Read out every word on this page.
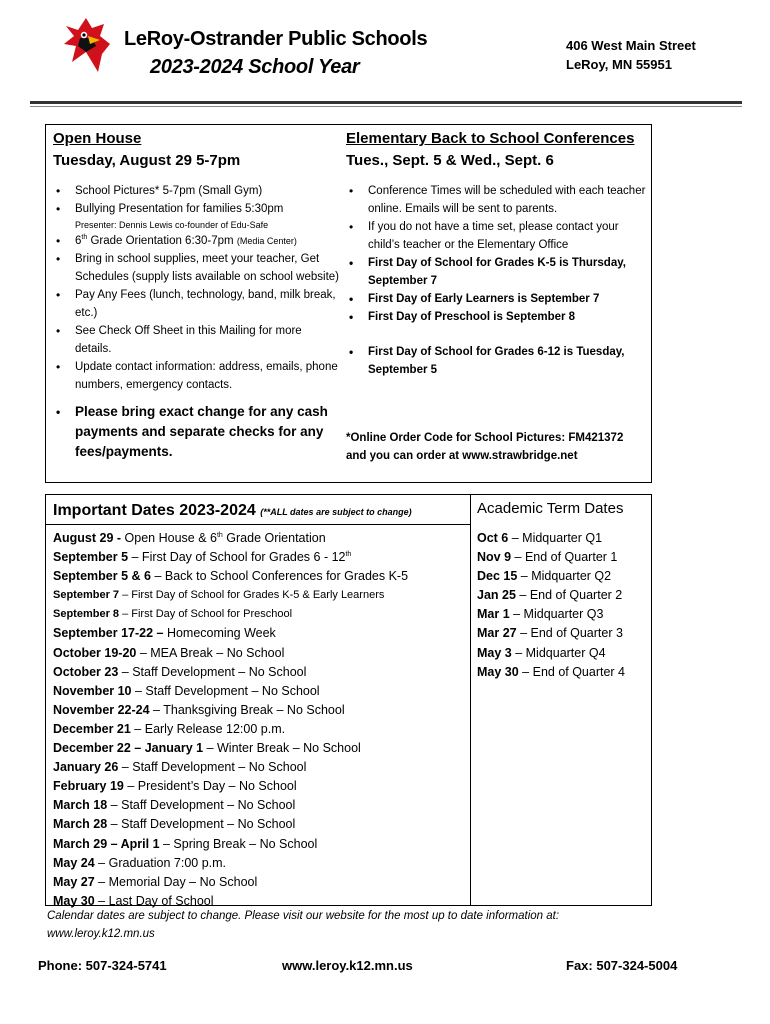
LeRoy-Ostrander Public Schools
2023-2024 School Year
406 West Main Street
LeRoy, MN 55951
Open House
Tuesday, August 29 5-7pm
• School Pictures* 5-7pm (Small Gym)
• Bullying Presentation for families 5:30pm
Presenter: Dennis Lewis co-founder of Edu-Safe
• 6th Grade Orientation 6:30-7pm (Media Center)
• Bring in school supplies, meet your teacher, Get Schedules (supply lists available on school website)
• Pay Any Fees (lunch, technology, band, milk break, etc.)
• See Check Off Sheet in this Mailing for more details.
• Update contact information: address, emails, phone numbers, emergency contacts.
• Please bring exact change for any cash payments and separate checks for any fees/payments.
Elementary Back to School Conferences
Tues., Sept. 5 & Wed., Sept. 6
• Conference Times will be scheduled with each teacher online. Emails will be sent to parents.
• If you do not have a time set, please contact your child’s teacher or the Elementary Office
• First Day of School for Grades K-5 is Thursday, September 7
• First Day of Early Learners is September 7
• First Day of Preschool is September 8
• First Day of School for Grades 6-12 is Tuesday, September 5
*Online Order Code for School Pictures: FM421372 and you can order at www.strawbridge.net
Important Dates 2023-2024 (**ALL dates are subject to change)
August 29 - Open House & 6th Grade Orientation
September 5 – First Day of School for Grades 6 - 12th
September 5 & 6 – Back to School Conferences for Grades K-5
September 7 – First Day of School for Grades K-5 & Early Learners
September 8 – First Day of School for Preschool
September 17-22 – Homecoming Week
October 19-20 – MEA Break – No School
October 23 – Staff Development – No School
November 10 – Staff Development – No School
November 22-24 – Thanksgiving Break – No School
December 21 – Early Release 12:00 p.m.
December 22 – January 1 – Winter Break – No School
January 26 – Staff Development – No School
February 19 – President’s Day – No School
March 18 – Staff Development – No School
March 28 – Staff Development – No School
March 29 – April 1 – Spring Break – No School
May 24 – Graduation 7:00 p.m.
May 27 – Memorial Day – No School
May 30 – Last Day of School
Academic Term Dates
Oct 6 – Midquarter Q1
Nov 9 – End of Quarter 1
Dec 15 – Midquarter Q2
Jan 25 – End of Quarter 2
Mar 1 – Midquarter Q3
Mar 27 – End of Quarter 3
May 3 – Midquarter Q4
May 30 – End of Quarter 4
Calendar dates are subject to change. Please visit our website for the most up to date information at: www.leroy.k12.mn.us
Phone: 507-324-5741	www.leroy.k12.mn.us	Fax: 507-324-5004
